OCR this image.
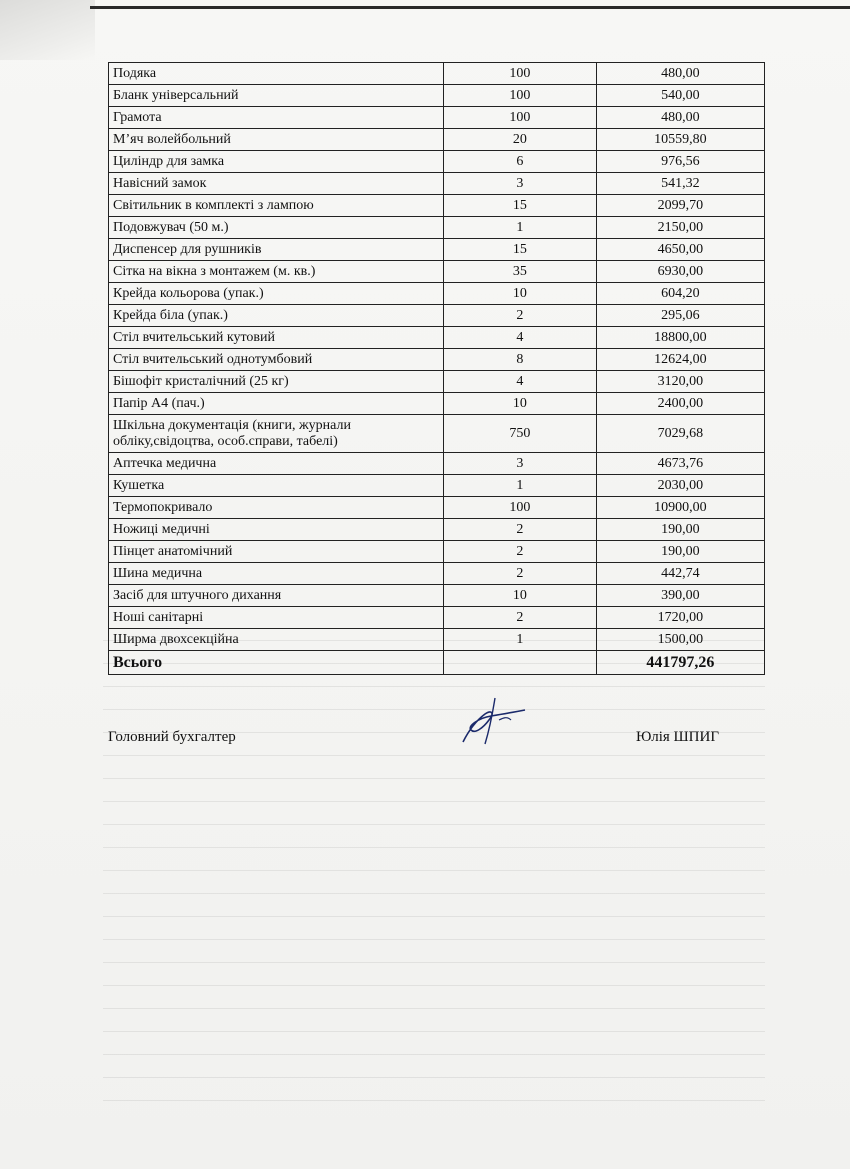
Подяка	100	480,00
Бланк універсальний	100	540,00
Грамота	100	480,00
М’яч волейбольний	20	10559,80
Циліндр для замка	6	976,56
Навісний замок	3	541,32
Світильник в комплекті з лампою	15	2099,70
Подовжувач (50 м.)	1	2150,00
Диспенсер для рушників	15	4650,00
Сітка на вікна з монтажем (м. кв.)	35	6930,00
Крейда кольорова (упак.)	10	604,20
Крейда біла (упак.)	2	295,06
Стіл вчительський кутовий	4	18800,00
Стіл вчительський однотумбовий	8	12624,00
Бішофіт кристалічний (25 кг)	4	3120,00
Папір А4 (пач.)	10	2400,00
Шкільна документація (книги, журнали обліку,свідоцтва, особ.справи, табелі)	750	7029,68
Аптечка медична	3	4673,76
Кушетка	1	2030,00
Термопокривало	100	10900,00
Ножиці медичні	2	190,00
Пінцет анатомічний	2	190,00
Шина медична	2	442,74
Засіб для штучного дихання	10	390,00
Ноші санітарні	2	1720,00
Ширма двохсекційна	1	1500,00
Всього		441797,26
Головний бухгалтер	Юлія ШПИГ
